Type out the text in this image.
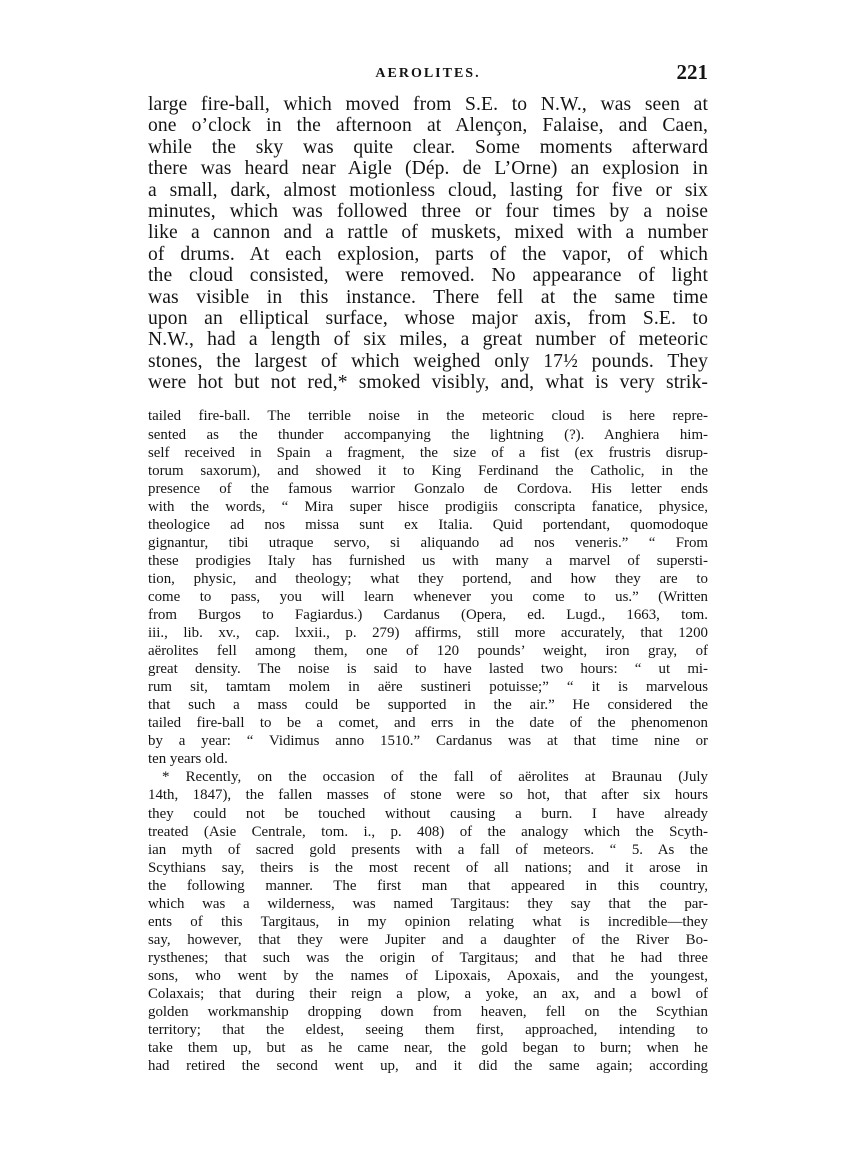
AEROLITES.	221

large fire-ball, which moved from S.E. to N.W., was seen at

one o’clock in the afternoon at Alençon, Falaise, and Caen,

while the sky was quite clear. Some moments afterward

there was heard near Aigle (Dép. de L’Orne) an explosion in

a small, dark, almost motionless cloud, lasting for five or six

minutes, which was followed three or four times by a noise

like a cannon and a rattle of muskets, mixed with a number

of drums. At each explosion, parts of the vapor, of which

the cloud consisted, were removed. No appearance of light

was visible in this instance. There fell at the same time

upon an elliptical surface, whose major axis, from S.E. to

N.W., had a length of six miles, a great number of meteoric

stones, the largest of which weighed only 17½ pounds. They

were hot but not red,* smoked visibly, and, what is very strik-

tailed fire-ball. The terrible noise in the meteoric cloud is here repre-

sented as the thunder accompanying the lightning (?). Anghiera him-

self received in Spain a fragment, the size of a fist (ex frustris disrup-

torum saxorum), and showed it to King Ferdinand the Catholic, in the

presence of the famous warrior Gonzalo de Cordova. His letter ends

with the words, “ Mira super hisce prodigiis conscripta fanatice, physice,

theologice ad nos missa sunt ex Italia. Quid portendant, quomodoque

gignantur, tibi utraque servo, si aliquando ad nos veneris.” “ From

these prodigies Italy has furnished us with many a marvel of supersti-

tion, physic, and theology; what they portend, and how they are to

come to pass, you will learn whenever you come to us.” (Written

from Burgos to Fagiardus.) Cardanus (Opera, ed. Lugd., 1663, tom.

iii., lib. xv., cap. lxxii., p. 279) affirms, still more accurately, that 1200

aërolites fell among them, one of 120 pounds’ weight, iron gray, of

great density. The noise is said to have lasted two hours: “ ut mi-

rum sit, tamtam molem in aëre sustineri potuisse;” “ it is marvelous

that such a mass could be supported in the air.” He considered the

tailed fire-ball to be a comet, and errs in the date of the phenomenon

by a year: “ Vidimus anno 1510.” Cardanus was at that time nine or

ten years old.

* Recently, on the occasion of the fall of aërolites at Braunau (July

14th, 1847), the fallen masses of stone were so hot, that after six hours

they could not be touched without causing a burn. I have already

treated (Asie Centrale, tom. i., p. 408) of the analogy which the Scyth-

ian myth of sacred gold presents with a fall of meteors. “ 5. As the

Scythians say, theirs is the most recent of all nations; and it arose in

the following manner. The first man that appeared in this country,

which was a wilderness, was named Targitaus: they say that the par-

ents of this Targitaus, in my opinion relating what is incredible—they

say, however, that they were Jupiter and a daughter of the River Bo-

rysthenes; that such was the origin of Targitaus; and that he had three

sons, who went by the names of Lipoxais, Apoxais, and the youngest,

Colaxais; that during their reign a plow, a yoke, an ax, and a bowl of

golden workmanship dropping down from heaven, fell on the Scythian

territory; that the eldest, seeing them first, approached, intending to

take them up, but as he came near, the gold began to burn; when he

had retired the second went up, and it did the same again; according
